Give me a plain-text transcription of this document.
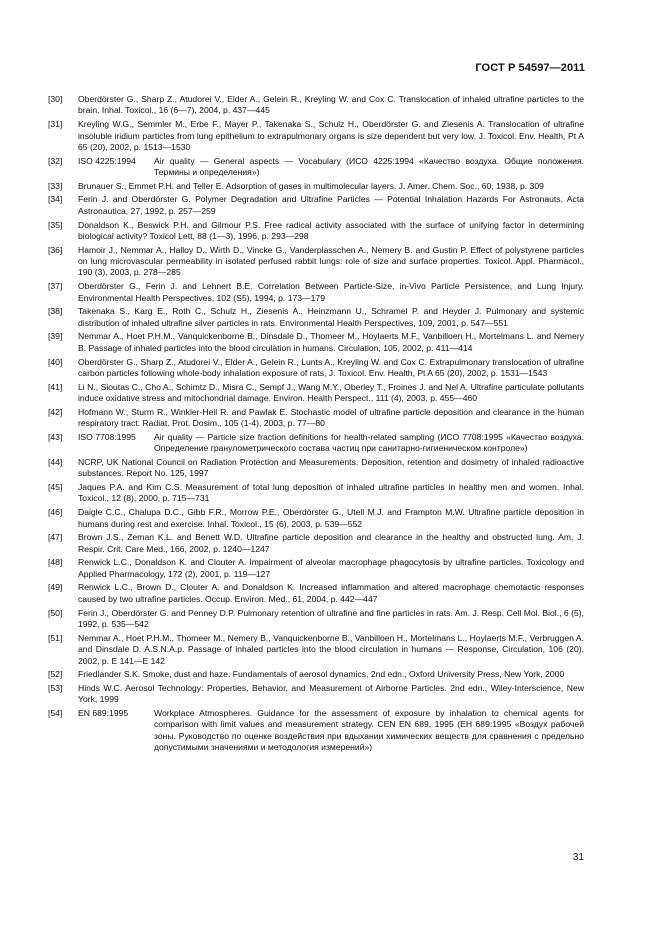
ГОСТ Р 54597—2011
[30] Oberdörster G., Sharp Z., Atudorei V., Elder A., Gelein R., Kreyling W. and Cox C. Translocation of inhaled ultrafine particles to the brain. Inhal. Toxicol., 16 (6—7), 2004, p. 437—445
[31] Kreyling W.G., Semmler M., Erbe F., Mayer P., Takenaka S., Schulz H., Oberdörster G. and Ziesenis A. Translocation of ultrafine insoluble iridium particles from lung epithelium to extrapulmonary organs is size dependent but very low. J. Toxicol. Env. Health, Pt A 65 (20), 2002, p. 1513—1530
[32] ISO 4225:1994	Air quality — General aspects — Vocabulary (ИСО 4225:1994 «Качество воздуха. Общие положения. Термины и определения»)
[33] Brunauer S., Emmet P.H. and Teller E. Adsorption of gases in multimolecular layers. J. Amer. Chem. Soc., 60, 1938, p. 309
[34] Ferin J. and Oberdörster G. Polymer Degradation and Ultrafine Particles — Potential Inhalation Hazards For Astronauts, Acta Astronautica, 27, 1992, p. 257—259
[35] Donaldson K., Beswick P.H. and Gilmour P.S. Free radical activity associated with the surface of unifying factor in determining biological activity? Toxicol Lett, 88 (1—3), 1996, p. 293—298
[36] Hamoir J., Nemmar A., Halloy D., Wirth D., Vincke G., Vanderplasschen A., Nemery B. and Gustin P. Effect of polystyrene particles on lung microvascular permeability in isolated perfused rabbit lungs: role of size and surface properties. Toxicol. Appl. Pharmacol., 190 (3), 2003, p. 278—285
[37] Oberdörster G., Ferin J. and Lehnert B.E. Correlation Between Particle-Size, in-Vivo Particle Persistence, and Lung Injury. Environmental Health Perspectives, 102 (S5), 1994, p. 173—179
[38] Takenaka S., Karg E., Roth C., Schulz H., Ziesenis A., Heinzmann U., Schramel P. and Heyder J. Pulmonary and systemic distribution of inhaled ultrafine silver particles in rats. Environmental Health Perspectives, 109, 2001, p. 547—551
[39] Nemmar A., Hoet P.H.M., Vanquickenborne B., Dinsdale D., Thomeer M., Hoylaerts M.F., Vanbilloen H., Mortelmans L. and Nemery B. Passage of inhaled particles into the blood circulation in humans. Circulation, 105, 2002, p. 411—414
[40] Oberdörster G., Sharp Z., Atudorei V., Elder A., Gelein R., Lunts A., Kreyling W. and Cox C. Extrapulmonary translocation of ultrafine carbon particles following whole-body inhalation exposure of rats, J. Toxicol. Env. Health, Pt A 65 (20), 2002, p. 1531—1543
[41] Li N., Sioutas C., Cho A., Schimtz D., Misra C., Sempf J., Wang M.Y., Oberley T., Froines J. and Nel A. Ultrafine particulate pollutants induce oxidative stress and mitochondrial damage. Environ. Health Perspect., 111 (4), 2003, p. 455—460
[42] Hofmann W., Sturm R., Winkler-Heil R. and Pawlak E. Stochastic model of ultrafine particle deposition and clearance in the human respiratory tract. Radiat. Prot. Dosim., 105 (1-4), 2003, p. 77—80
[43] ISO 7708:1995	Air quality — Particle size fraction definitions for health-related sampling (ИСО 7708:1995 «Качество воздуха. Определение гранулометрического состава частиц при санитарно-гигиеническом контроле»)
[44] NCRP, UK National Council on Radiation Protection and Measurements. Deposition, retention and dosimetry of inhaled radioactive substances. Report No. 125, 1997
[45] Jaques P.A. and Kim C.S. Measurement of total lung deposition of inhaled ultrafine particles in healthy men and women. Inhal. Toxicol., 12 (8), 2000, p. 715—731
[46] Daigle C.C., Chalupa D.C., Gibb F.R., Morrow P.E., Oberdörster G., Utell M.J. and Frampton M.W. Ultrafine particle deposition in humans during rest and exercise. Inhal. Toxicol., 15 (6), 2003, p. 539—552
[47] Brown J.S., Zeman K.L. and Benett W.D. Ultrafine particle deposition and clearance in the healthy and obstructed lung. Am. J. Respir. Crit. Care Med., 166, 2002, p. 1240—1247
[48] Renwick L.C., Donaldson K. and Clouter A. Impairment of alveolar macrophage phagocytosis by ultrafine particles. Toxicology and Applied Pharmacology, 172 (2), 2001, p. 119—127
[49] Renwick L.C., Brown D., Clouter A. and Donaldson K. Increased inflammation and altered macrophage chemotactic responses caused by two ultrafine particles. Occup. Environ. Med., 61, 2004, p. 442—447
[50] Ferin J., Oberdörster G. and Penney D.P. Pulmonary retention of ultrafine and fine particles in rats. Am. J. Resp. Cell Mol. Biol., 6 (5), 1992, p. 535—542
[51] Nemmar A., Hoet P.H.M., Thomeer M., Nemery B., Vanquickenborne B., Vanbilloen H., Mortelmans L., Hoylaerts M.F., Verbruggen A. and Dinsdale D. A.S.N.A.p. Passage of inhaled particles into the blood circulation in humans — Response, Circulation, 106 (20), 2002, p. E 141—E 142
[52] Friedlander S.K. Smoke, dust and haze. Fundamentals of aerosol dynamics, 2nd edn., Oxford University Press, New York, 2000
[53] Hinds W.C. Aerosol Technology: Properties, Behavior, and Measurement of Airborne Particles. 2nd edn., Wiley-Interscience, New York, 1999
[54] EN 689:1995	Workplace Atmospheres. Guidance for the assessment of exposure by inhalation to chemical agents for comparison with limit values and measurement strategy. CEN EN 689, 1995 (EH 689:1995 «Воздух рабочей зоны. Руководство по оценке воздействия при вдыхании химических веществ для сравнения с предельно допустимыми значениями и методология измерений»)
31
